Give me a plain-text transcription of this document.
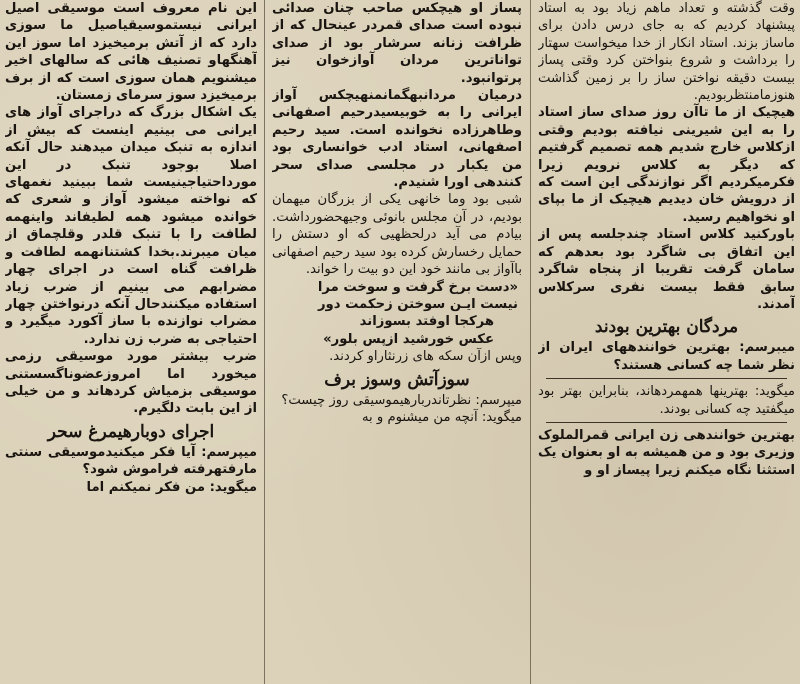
وقت گذشته و تعداد ماهم زیاد بود به استاد پیشنهاد کردیم که به جای درس دادن برای ماساز بزند. استاد انکار از خدا میخواست سهتار را برداشت و شروع بنواختن کرد وقتی پساز بیست دقیقه نواختن ساز را بر زمین گذاشت هنوزمامنتظربودیم.

هیچیک از ما تاآن روز صدای ساز استاد را به این شیرینی نیافته بودیم وقتی ازکلاس خارج شدیم همه تصمیم گرفتیم که دیگر به کلاس نرویم زیرا فکرمیکردیم اگر نوازندگی این است که از درویش خان دیدیم هیچیک از ما بپای او نخواهیم رسید.

باورکنید کلاس استاد چندجلسه پس از این اتفاق بی شاگرد بود بعدهم که سامان گرفت تقریبا از پنجاه شاگرد سابق فقط بیست نفری سرکلاس آمدند.

مردگان بهترین بودند

میبرسم: بهترین خوانندههای ایران از نظر شما چه کسانی هستند؟

میگوید: بهترینها همهمردهاند، بنابراین بهتر بود میگفتید چه کسانی بودند.

بهترین خوانندهی زن ایرانی قمرالملوک وزیری بود و من همیشه به او بعنوان یک استثنا نگاه میکنم زیرا پیساز او و

پساز او هیچکس صاحب چنان صدائی نبوده است صدای قمردر عینحال که از ظرافت زنانه سرشار بود از صدای تواناترین مردان آوازخوان نیز پرتوانبود.

درمیان مردانبهگمانمنهیچکس آواز ایرانی را به خوبیسیدرحیم اصفهانی وطاهرزاده نخوانده است. سید رحیم اصفهانی، استاد ادب خوانساری بود من یکبار در مجلسی صدای سحر کنندهی اورا شنیدم.

شبی بود وما خانهی یکی از بزرگان میهمان بودیم، در آن مجلس بانوئی وجیهحضورداشت. بیادم می آید درلحظهیی که او دستش را حمایل رخسارش کرده بود سید رحیم اصفهانی باآواز بی مانند خود این دو بیت را خواند.

«دست برخ گرفت و سوخت مرا

نیست ایـن سوختن زحکمت دور

هرکجا اوفتد بسوزاند

عکس خورشید ازپس بلور»

وپس ازآن سکه های زرنثاراو کردند.

سوزآتش وسوز برف

میپرسم: نظرتاندربارهیموسیقی روز چیست؟

میگوید: آنچه من میشنوم و به

این نام معروف است موسیقی اصیل ایرانی نیستموسیقیاصیل ما سوزی دارد که از آتش برمیخیزد اما سوز این آهنگهاو تصنیف هائی که سالهای اخیر میشنویم همان سوزی است که از برف برمیخیزد سوز سرمای زمستان.

یک اشکال بزرگ که دراجرای آواز های ایرانی می بینیم اینست که بیش از اندازه به تنبک میدان میدهند حال آنکه اصلا بوجود تنبک در این مورداحتیاجینیست شما ببینید نغمهای که نواخته میشود آواز و شعری که خوانده میشود همه لطیفاند واینهمه لطافت را با تنبک قلدر وقلچماق از میان میبرند.بخدا کشتنانهمه لطافت و ظرافت گناه است در اجرای چهار مضرابهم می بینیم از ضرب زیاد استفاده میکنندحال آنکه درنواختن چهار مضراب نوازنده با ساز آکورد میگیرد و احتیاجی به ضرب زن ندارد.

ضرب بیشتر مورد موسیقی رزمی میخورد اما امروزعضوناگسستنی موسیقی بزمیاش کردهاند و من خیلی از این بابت دلگیرم.

اجرای دوبارهیمرغ سحر

میپرسم: آیا فکر میکنیدموسیقی سنتی مارفتهرفته فراموش شود؟

میگوید: من فکر نمیکنم اما
